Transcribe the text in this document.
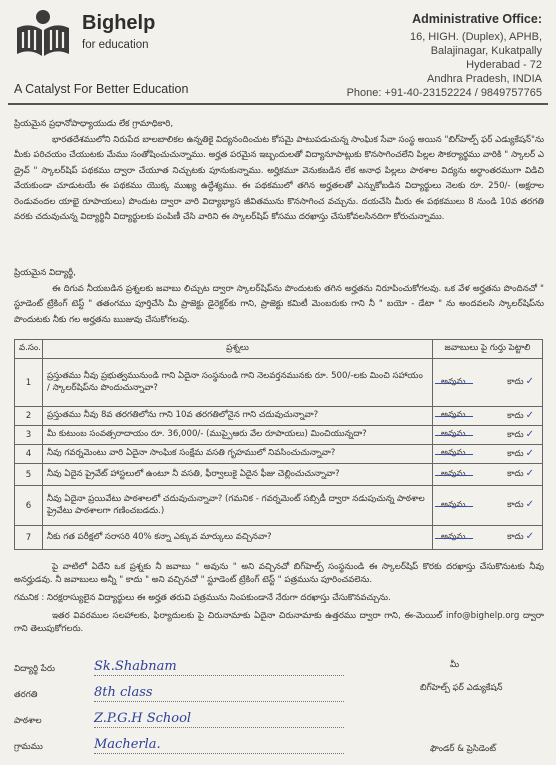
Bighelp
for education
A Catalyst For Better Education
Administrative Office:
16, HIGH. (Duplex), APHB,
Balajinagar, Kukatpally
Hyderabad - 72
Andhra Pradesh, INDIA
Phone: +91-40-23152224 / 9849757765
ప్రియమైన ప్రధానోపాధ్యాయుడు లేక గ్రామాధికారి,
భారతదేశములోని నిరుపేద బాలబాలికల ఉన్నతికై విద్యనందించుట కోసమై పాటుపడుచున్న సాంఘిక సేవా సంస్థ అయిన "బిగ్‌హెల్ప్ ఫర్ ఎడ్యుకేషన్"ను మీకు పరిచయం చేయుటకు మేము సంతోషించుచున్నాము. అర్హత పరమైన ఇబ్బందులతో విద్యానూపాట్లుకు కొనసాగించలేని పిల్లల సౌకర్యార్థము వారికి " స్కాలర్ ఎ డ్రైవ్ " స్కాలర్‌షిప్ పథకము ద్వారా చేయూత నిచ్చుటకు పూనుకున్నాము. అర్హికమూ వెనుకబడిన లేక అనాధ పిల్లలు పాఠశాల విద్యను అర్ధాంతరముగా విడిచి వేయకుండా చూడుటయే ఈ పథకము యొక్క ముఖ్య ఉద్దేశ్యము. ఈ పథకములో తగిన అర్హతలతో ఎన్నుకోబడిన విద్యార్థులు నెలకు రూ. 250/- (అక్షరాల రెండువందల యాభై రూపాయలు) పొందుట ద్వారా వారి విద్యాభ్యాస జీవితమును కొనసాగించ వచ్చును. దయచేసి మీరు ఈ పథకములు 8 నుండి 10వ తరగతి వరకు చదువుచున్న విద్యార్థినీ విద్యార్థులకు పంపిణీ చేసి వారిని ఈ స్కాలర్‌షిప్ కోసము దరఖాస్తు చేసుకోవలసినదిగా కోరుచున్నాము.
ప్రియమైన విద్యార్థీ,
ఈ దిగువ నీయబడిన ప్రశ్నలకు జవాబు లిచ్చుట ద్వారా స్కాలర్‌షిప్‌ను పొందుటకు తగిన అర్హతను నిరూపించుకోగలవు. ఒక వేళ అర్హతను పొందినచో " స్టూడెంట్ ట్రేకింగ్ టెస్ట్ " తతంగము పూర్తిచేసి మీ ప్రాజెక్టు డైరెక్టర్‌కు గాని, ప్రాజెక్టు కమిటీ మెంబరుకు గాని నీ " బయో - డేటా " ను అందవలసి స్కాలర్‌షిప్‌ను పొందుటకు నీకు గల అర్హతను ఋజువు చేసుకోగలవు.
వ.సం.	ప్రశ్నలు	జవాబులు పై గుర్తు పెట్టాలి
1	ప్రస్తుతము నీవు ప్రభుత్వమునుండి గాని ఏదైనా సంస్థనుండి గాని నెలవర్తనమునకు రూ. 500/-లకు మించి సహాయం / స్కాలర్‌షిప్‌ను పొందుచున్నావా?	అవును కాదు ✓

2	ప్రస్తుతము నీవు 8వ తరగతిలోను గాని 10వ తరగతిలోనైన గాని చదువుచున్నావా?	అవును కాదు ✓

3	మీ కుటుంబ సంవత్సరాదాయం రూ. 36,000/- (ముప్పైఆరు వేల రూపాయలు) మించియున్నదా?	అవును కాదు ✓

4	నీవు గవర్నమెంటు వారి ఏదైనా సాంఘిక సంక్షేమ వసతి గృహములో నివసించుచున్నావా?	అవును కాదు ✓

5	నీవు ఏదైన ప్రైవేట్ హాస్టలులో ఉంటూ నీ వసతి, ఫీర్వాలుకై ఏదైన ఫీజు చెల్లించుచున్నావా?	అవును కాదు ✓

6	నీవు ఏదైనా ప్రయివేటు పాఠశాలలో చదువుచున్నావా? (గమనిక - గవర్నమెంట్ సబ్సిడీ ద్వారా నడుపుచున్న పాఠశాల ప్రైవేటు పాఠశాలగా గణించబడదు.)	అవును కాదు ✓

7	నీకు గత పరీక్షలో సరాసరి 40% కన్నా ఎక్కువ మార్కులు వచ్చినవా?	అవును కాదు ✓
పై వాటిలో ఏదేని ఒక ప్రశ్నకు నీ జవాబు " అవును " అని వచ్చినచో బిగ్‌హెల్ప్ సంస్థనుండి ఈ స్కాలర్‌షిప్ కొరకు దరఖాస్తు చేసుకొనుటకు నీవు అనర్హుడవు. నీ జవాబులు అన్నీ " కాదు " అని వచ్చినచో " స్టూడెంట్ ట్రేకింగ్ టెస్ట్ " పత్రమును పూరించవలెను.
గమనిక : నిరక్షరాస్యులైన విద్యార్థులు ఈ అర్హత తరువి పత్రమును నింపకుండానే నేరుగా దరఖాస్తు చేసుకొనవచ్చును.
ఇతర వివరముల సలహాలకు, ఫిర్యాదులకు పై చిరునామాకు ఏదైనా చిరునామాకు ఉత్తరము ద్వారా గాని, ఈ-మెయిల్ info@bighelp.org ద్వారా గాని తెలుపుకోగలరు.
విద్యార్థి పేరు	Sk.Shabnam
తరగతి	8th class
పాఠశాల	Z.P.G.H School
గ్రామము	Macherla.
మీ
బిగ్‌హెల్ప్ ఫర్ ఎడ్యుకేషన్
ఫౌండర్ & ప్రెసిడెంట్
